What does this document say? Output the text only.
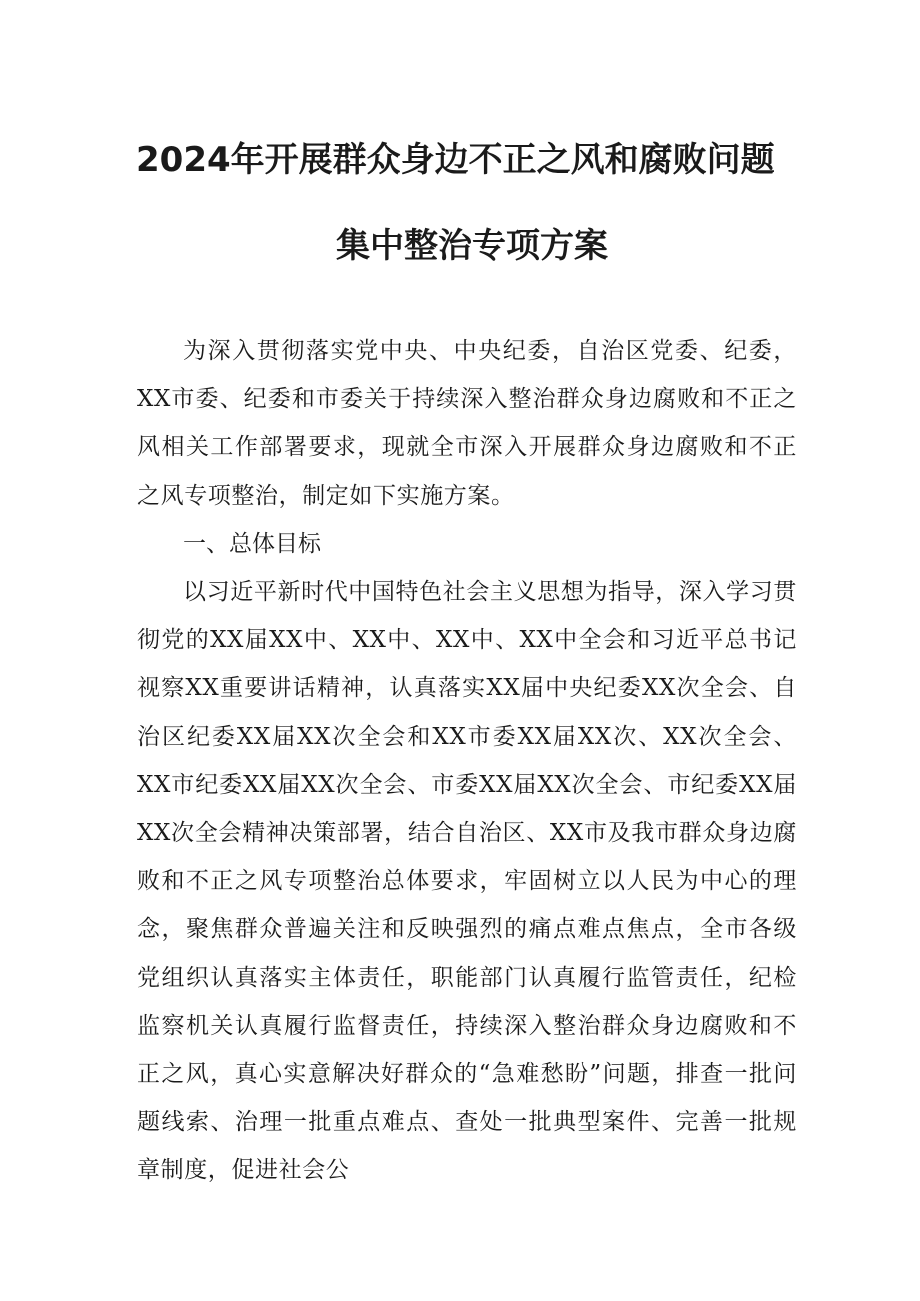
2024年开展群众身边不正之风和腐败问题
集中整治专项方案

为深入贯彻落实党中央、中央纪委，自治区党委、纪委，XX市委、纪委和市委关于持续深入整治群众身边腐败和不正之风相关工作部署要求，现就全市深入开展群众身边腐败和不正之风专项整治，制定如下实施方案。

一、总体目标

以习近平新时代中国特色社会主义思想为指导，深入学习贯彻党的XX届XX中、XX中、XX中、XX中全会和习近平总书记视察XX重要讲话精神，认真落实XX届中央纪委XX次全会、自治区纪委XX届XX次全会和XX市委XX届XX次、XX次全会、XX市纪委XX届XX次全会、市委XX届XX次全会、市纪委XX届XX次全会精神决策部署，结合自治区、XX市及我市群众身边腐败和不正之风专项整治总体要求，牢固树立以人民为中心的理念，聚焦群众普遍关注和反映强烈的痛点难点焦点，全市各级党组织认真落实主体责任，职能部门认真履行监管责任，纪检监察机关认真履行监督责任，持续深入整治群众身边腐败和不正之风，真心实意解决好群众的“急难愁盼”问题，排查一批问题线索、治理一批重点难点、查处一批典型案件、完善一批规章制度，促进社会公
